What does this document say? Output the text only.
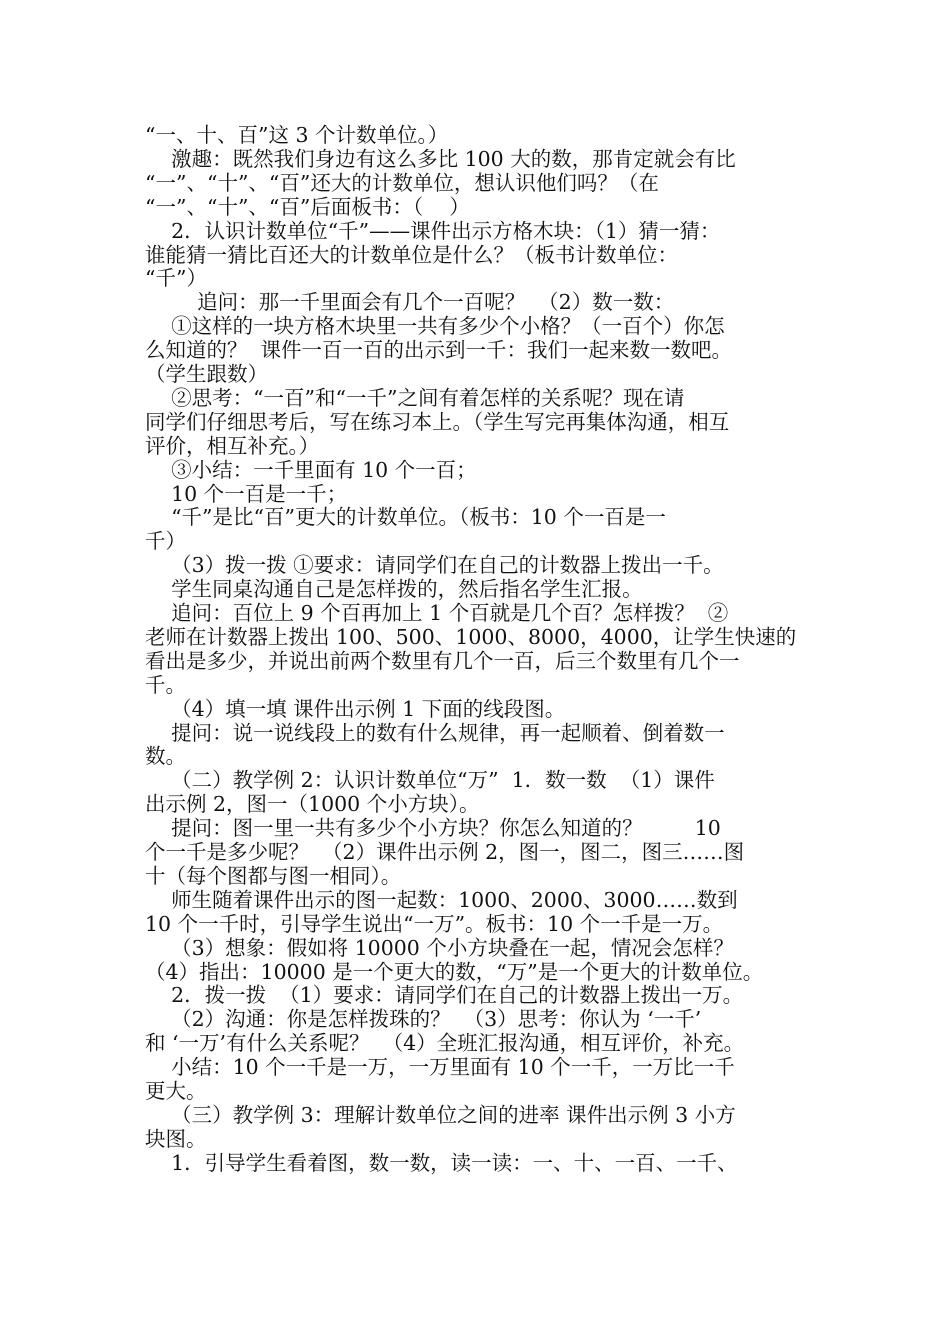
“一、十、百”这 3 个计数单位。）
激趣：既然我们身边有这么多比 100 大的数，那肯定就会有比
“一”、“十”、“百”还大的计数单位，想认识他们吗？（在
“一”、“十”、“百”后面板书：（    ）
2．认识计数单位“千”——课件出示方格木块：（1）猜一猜：
谁能猜一猜比百还大的计数单位是什么？（板书计数单位：
“千”）
追问：那一千里面会有几个一百呢？  （2）数一数：
①这样的一块方格木块里一共有多少个小格？（一百个）你怎
么知道的？  课件一百一百的出示到一千：我们一起来数一数吧。
（学生跟数）
②思考：“一百”和“一千”之间有着怎样的关系呢？现在请
同学们仔细思考后，写在练习本上。（学生写完再集体沟通，相互
评价，相互补充。）
③小结：一千里面有 10 个一百；
10 个一百是一千；
“千”是比“百”更大的计数单位。（板书：10 个一百是一
千）
（3）拨一拨 ①要求：请同学们在自己的计数器上拨出一千。
学生同桌沟通自己是怎样拨的，然后指名学生汇报。
追问：百位上 9 个百再加上 1 个百就是几个百？怎样拨？  ②
老师在计数器上拨出 100、500、1000、8000，4000，让学生快速的
看出是多少，并说出前两个数里有几个一百，后三个数里有几个一
千。
（4）填一填 课件出示例 1 下面的线段图。
提问：说一说线段上的数有什么规律，再一起顺着、倒着数一
数。
（二）教学例 2：认识计数单位“万”  1．数一数  （1）课件
出示例 2，图一（1000 个小方块）。
提问：图一里一共有多少个小方块？你怎么知道的？        10
个一千是多少呢？  （2）课件出示例 2，图一，图二，图三……图
十（每个图都与图一相同）。
师生随着课件出示的图一起数：1000、2000、3000……数到
10 个一千时，引导学生说出“一万”。板书：10 个一千是一万。
（3）想象：假如将 10000 个小方块叠在一起，情况会怎样？
（4）指出：10000 是一个更大的数，“万”是一个更大的计数单位。
2．拨一拨  （1）要求：请同学们在自己的计数器上拨出一万。
（2）沟通：你是怎样拨珠的？  （3）思考：你认为 ‘一千’
和 ‘一万’有什么关系呢？  （4）全班汇报沟通，相互评价，补充。
小结：10 个一千是一万，一万里面有 10 个一千，一万比一千
更大。
（三）教学例 3：理解计数单位之间的进率 课件出示例 3 小方
块图。
1．引导学生看着图，数一数，读一读：一、十、一百、一千、
